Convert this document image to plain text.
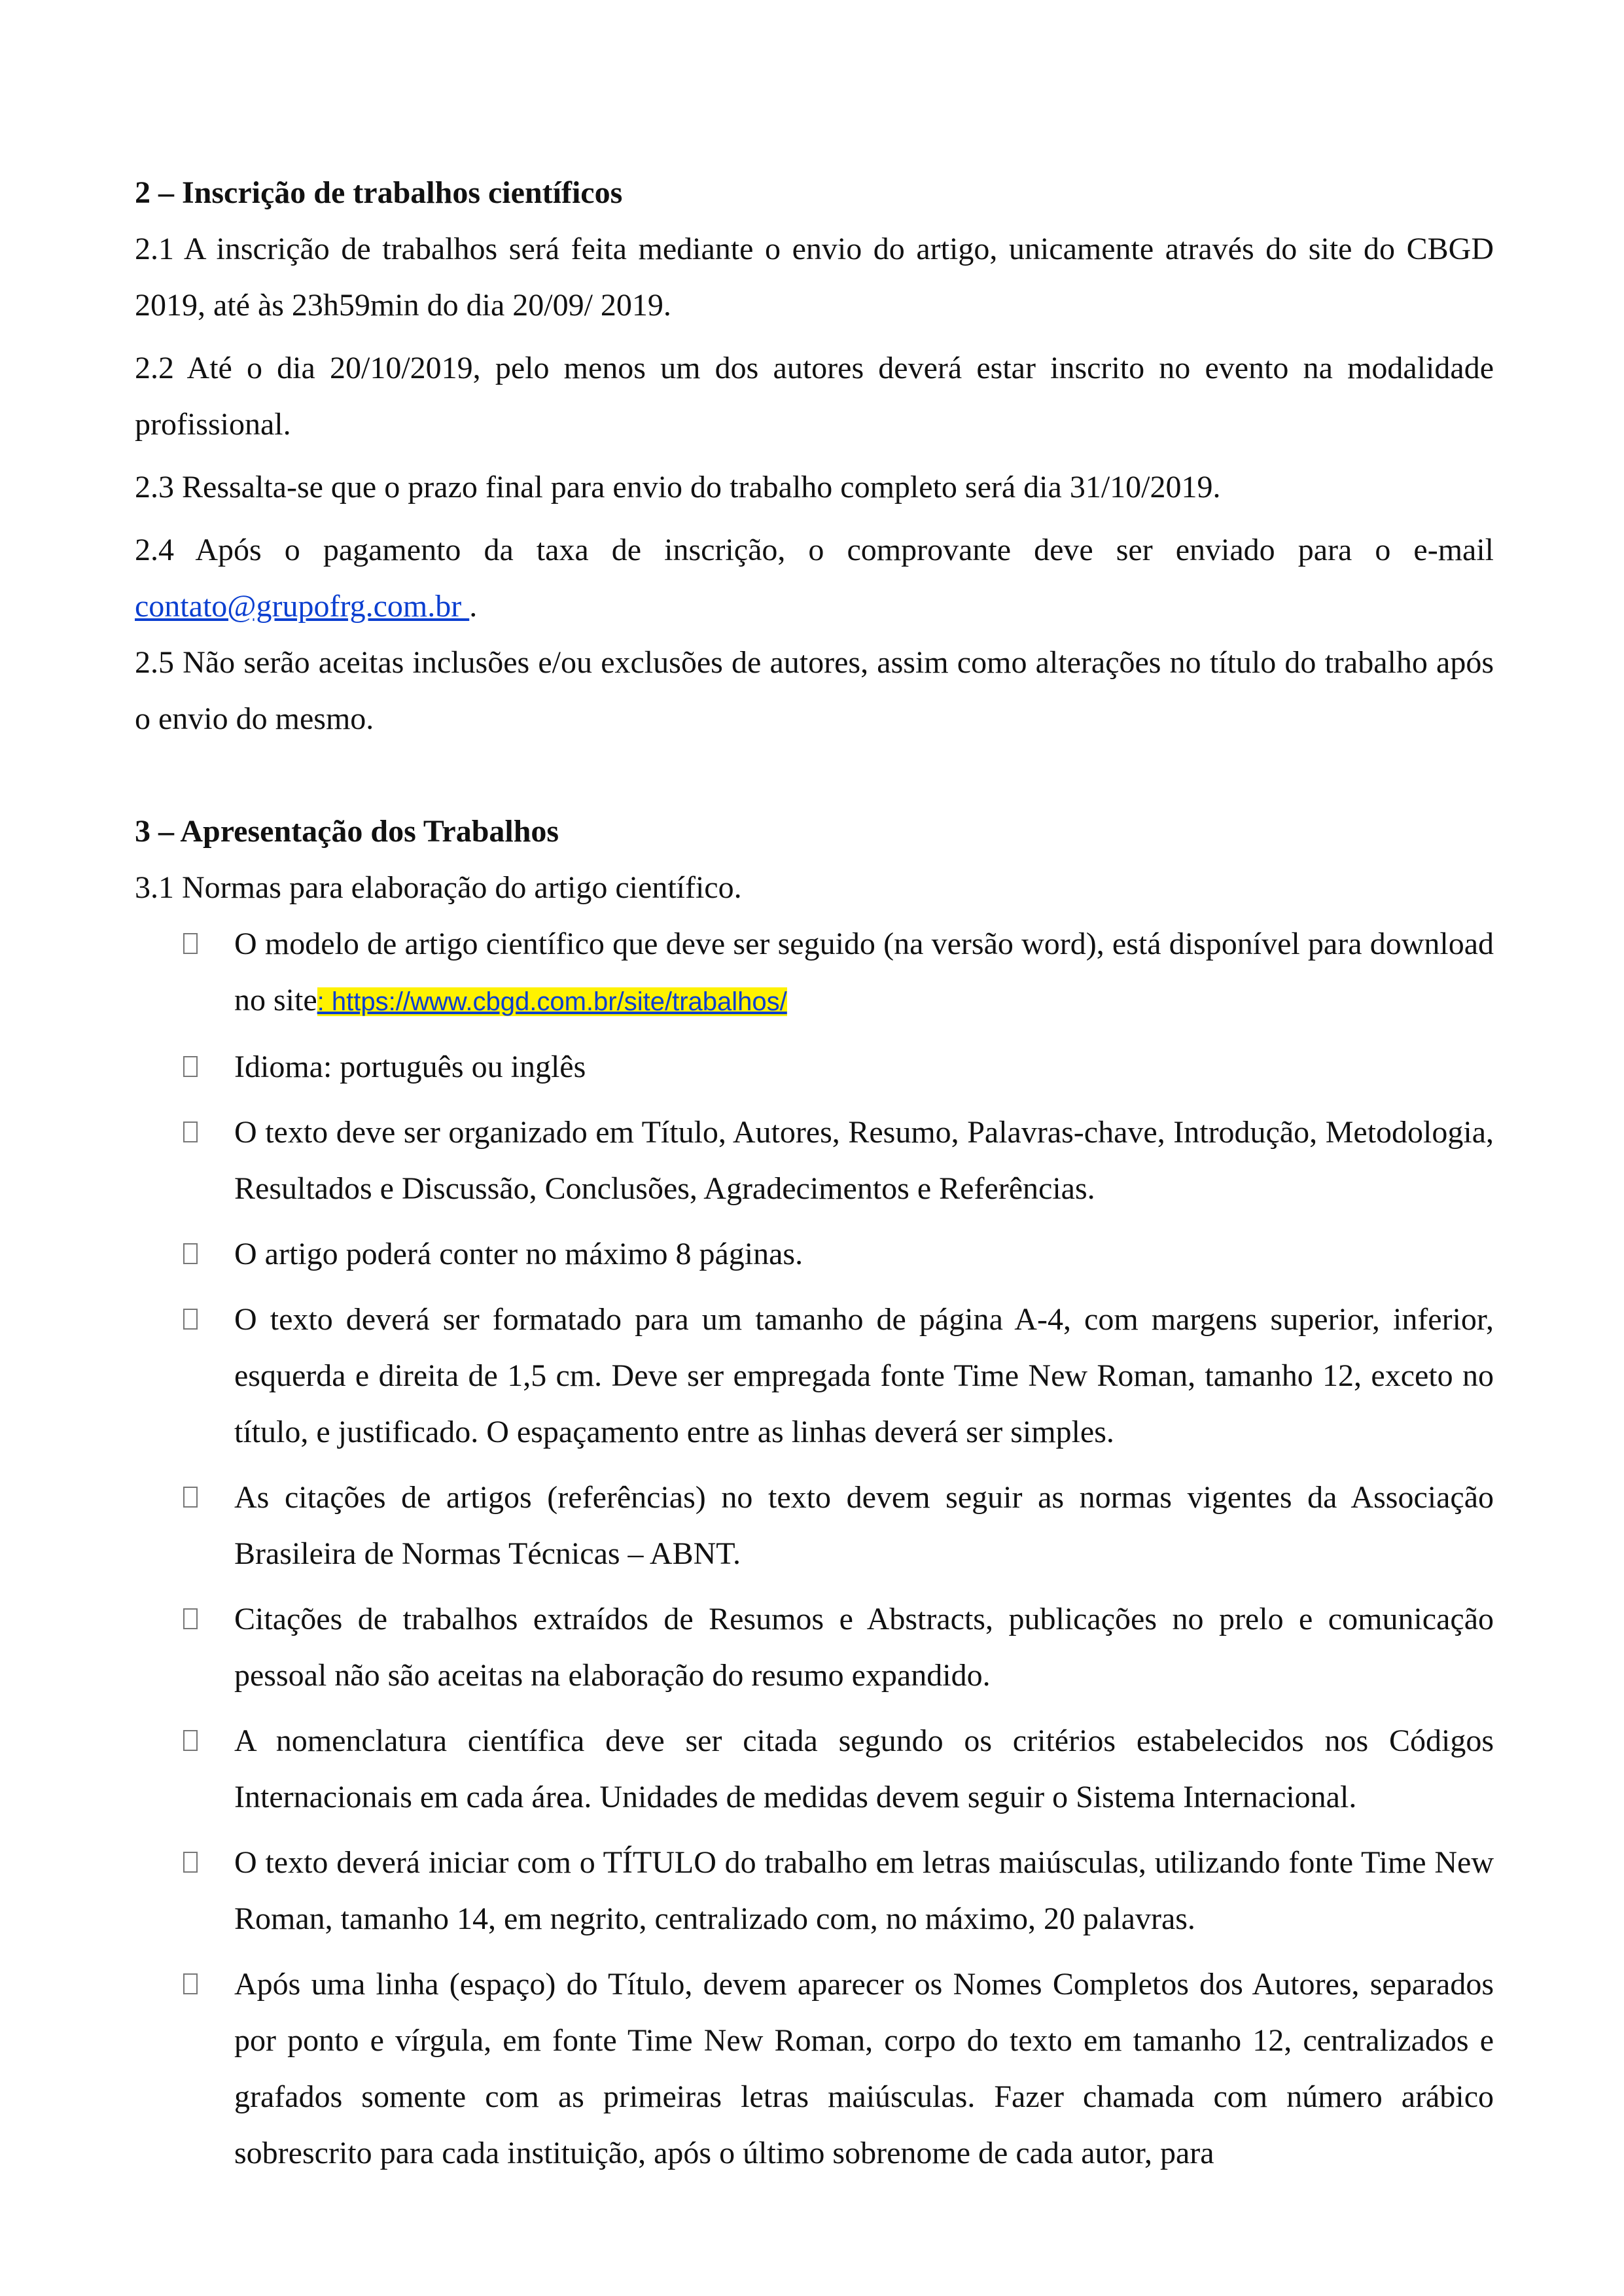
2 – Inscrição de trabalhos científicos

2.1 A inscrição de trabalhos será feita mediante o envio do artigo, unicamente através do site do CBGD 2019, até às 23h59min do dia 20/09/ 2019.

2.2 Até o dia 20/10/2019, pelo menos um dos autores deverá estar inscrito no evento na modalidade profissional.

2.3 Ressalta-se que o prazo final para envio do trabalho completo será dia 31/10/2019.

2.4 Após o pagamento da taxa de inscrição, o comprovante deve ser enviado para o e-mail contato@grupofrg.com.br .

2.5 Não serão aceitas inclusões e/ou exclusões de autores, assim como alterações no título do trabalho após o envio do mesmo.

3 – Apresentação dos Trabalhos

3.1 Normas para elaboração do artigo científico.

O modelo de artigo científico que deve ser seguido (na versão word), está disponível para download no site: https://www.cbgd.com.br/site/trabalhos/
Idioma: português ou inglês
O texto deve ser organizado em Título, Autores, Resumo, Palavras-chave, Introdução, Metodologia, Resultados e Discussão, Conclusões, Agradecimentos e Referências.
O artigo poderá conter no máximo 8 páginas.
O texto deverá ser formatado para um tamanho de página A-4, com margens superior, inferior, esquerda e direita de 1,5 cm. Deve ser empregada fonte Time New Roman, tamanho 12, exceto no título, e justificado. O espaçamento entre as linhas deverá ser simples.
As citações de artigos (referências) no texto devem seguir as normas vigentes da Associação Brasileira de Normas Técnicas – ABNT.
Citações de trabalhos extraídos de Resumos e Abstracts, publicações no prelo e comunicação pessoal não são aceitas na elaboração do resumo expandido.
A nomenclatura científica deve ser citada segundo os critérios estabelecidos nos Códigos Internacionais em cada área. Unidades de medidas devem seguir o Sistema Internacional.
O texto deverá iniciar com o TÍTULO do trabalho em letras maiúsculas, utilizando fonte Time New Roman, tamanho 14, em negrito, centralizado com, no máximo, 20 palavras.
Após uma linha (espaço) do Título, devem aparecer os Nomes Completos dos Autores, separados por ponto e vírgula, em fonte Time New Roman, corpo do texto em tamanho 12, centralizados e grafados somente com as primeiras letras maiúsculas. Fazer chamada com número arábico sobrescrito para cada instituição, após o último sobrenome de cada autor, para
